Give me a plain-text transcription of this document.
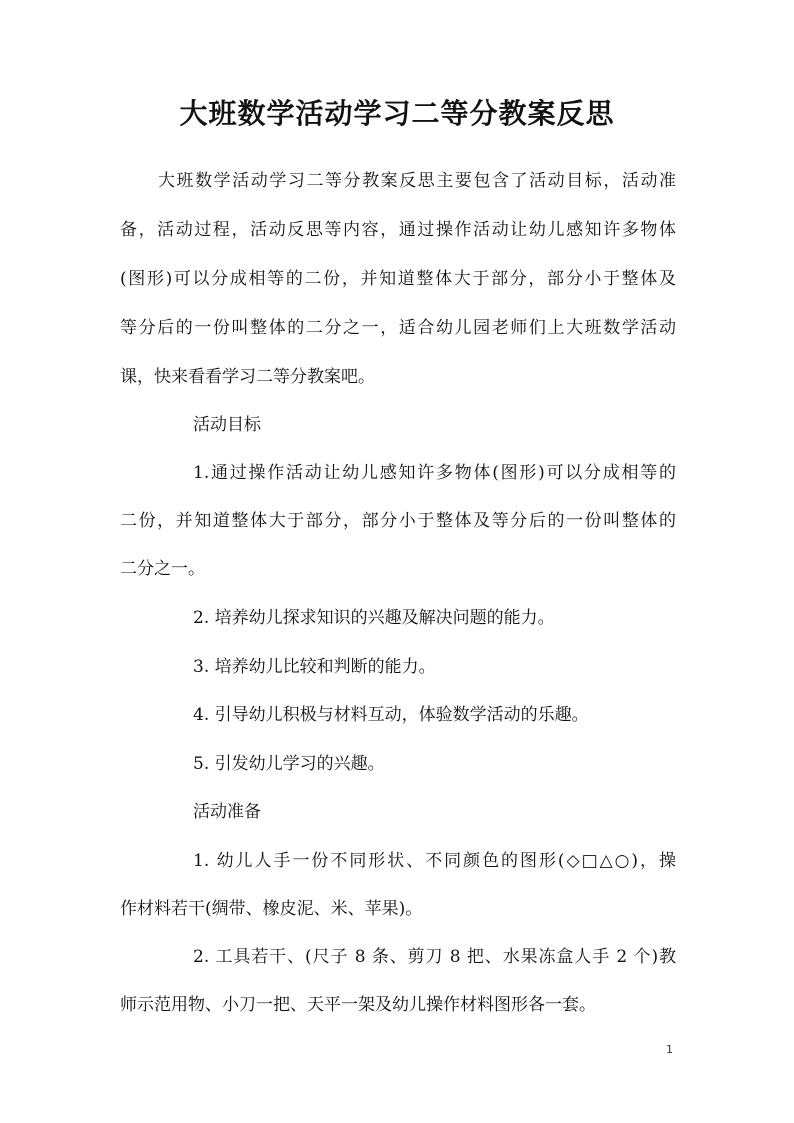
大班数学活动学习二等分教案反思
大班数学活动学习二等分教案反思主要包含了活动目标，活动准
备，活动过程，活动反思等内容，通过操作活动让幼儿感知许多物体
(图形)可以分成相等的二份，并知道整体大于部分，部分小于整体及
等分后的一份叫整体的二分之一，适合幼儿园老师们上大班数学活动
课，快来看看学习二等分教案吧。
活动目标
1.通过操作活动让幼儿感知许多物体(图形)可以分成相等的
二份，并知道整体大于部分，部分小于整体及等分后的一份叫整体的
二分之一。
2. 培养幼儿探求知识的兴趣及解决问题的能力。
3. 培养幼儿比较和判断的能力。
4. 引导幼儿积极与材料互动，体验数学活动的乐趣。
5. 引发幼儿学习的兴趣。
活动准备
1. 幼儿人手一份不同形状、不同颜色的图形(◇□△○)，操
作材料若干(绸带、橡皮泥、米、苹果)。
2. 工具若干、(尺子 8 条、剪刀 8 把、水果冻盒人手 2 个)教
师示范用物、小刀一把、天平一架及幼儿操作材料图形各一套。
1
